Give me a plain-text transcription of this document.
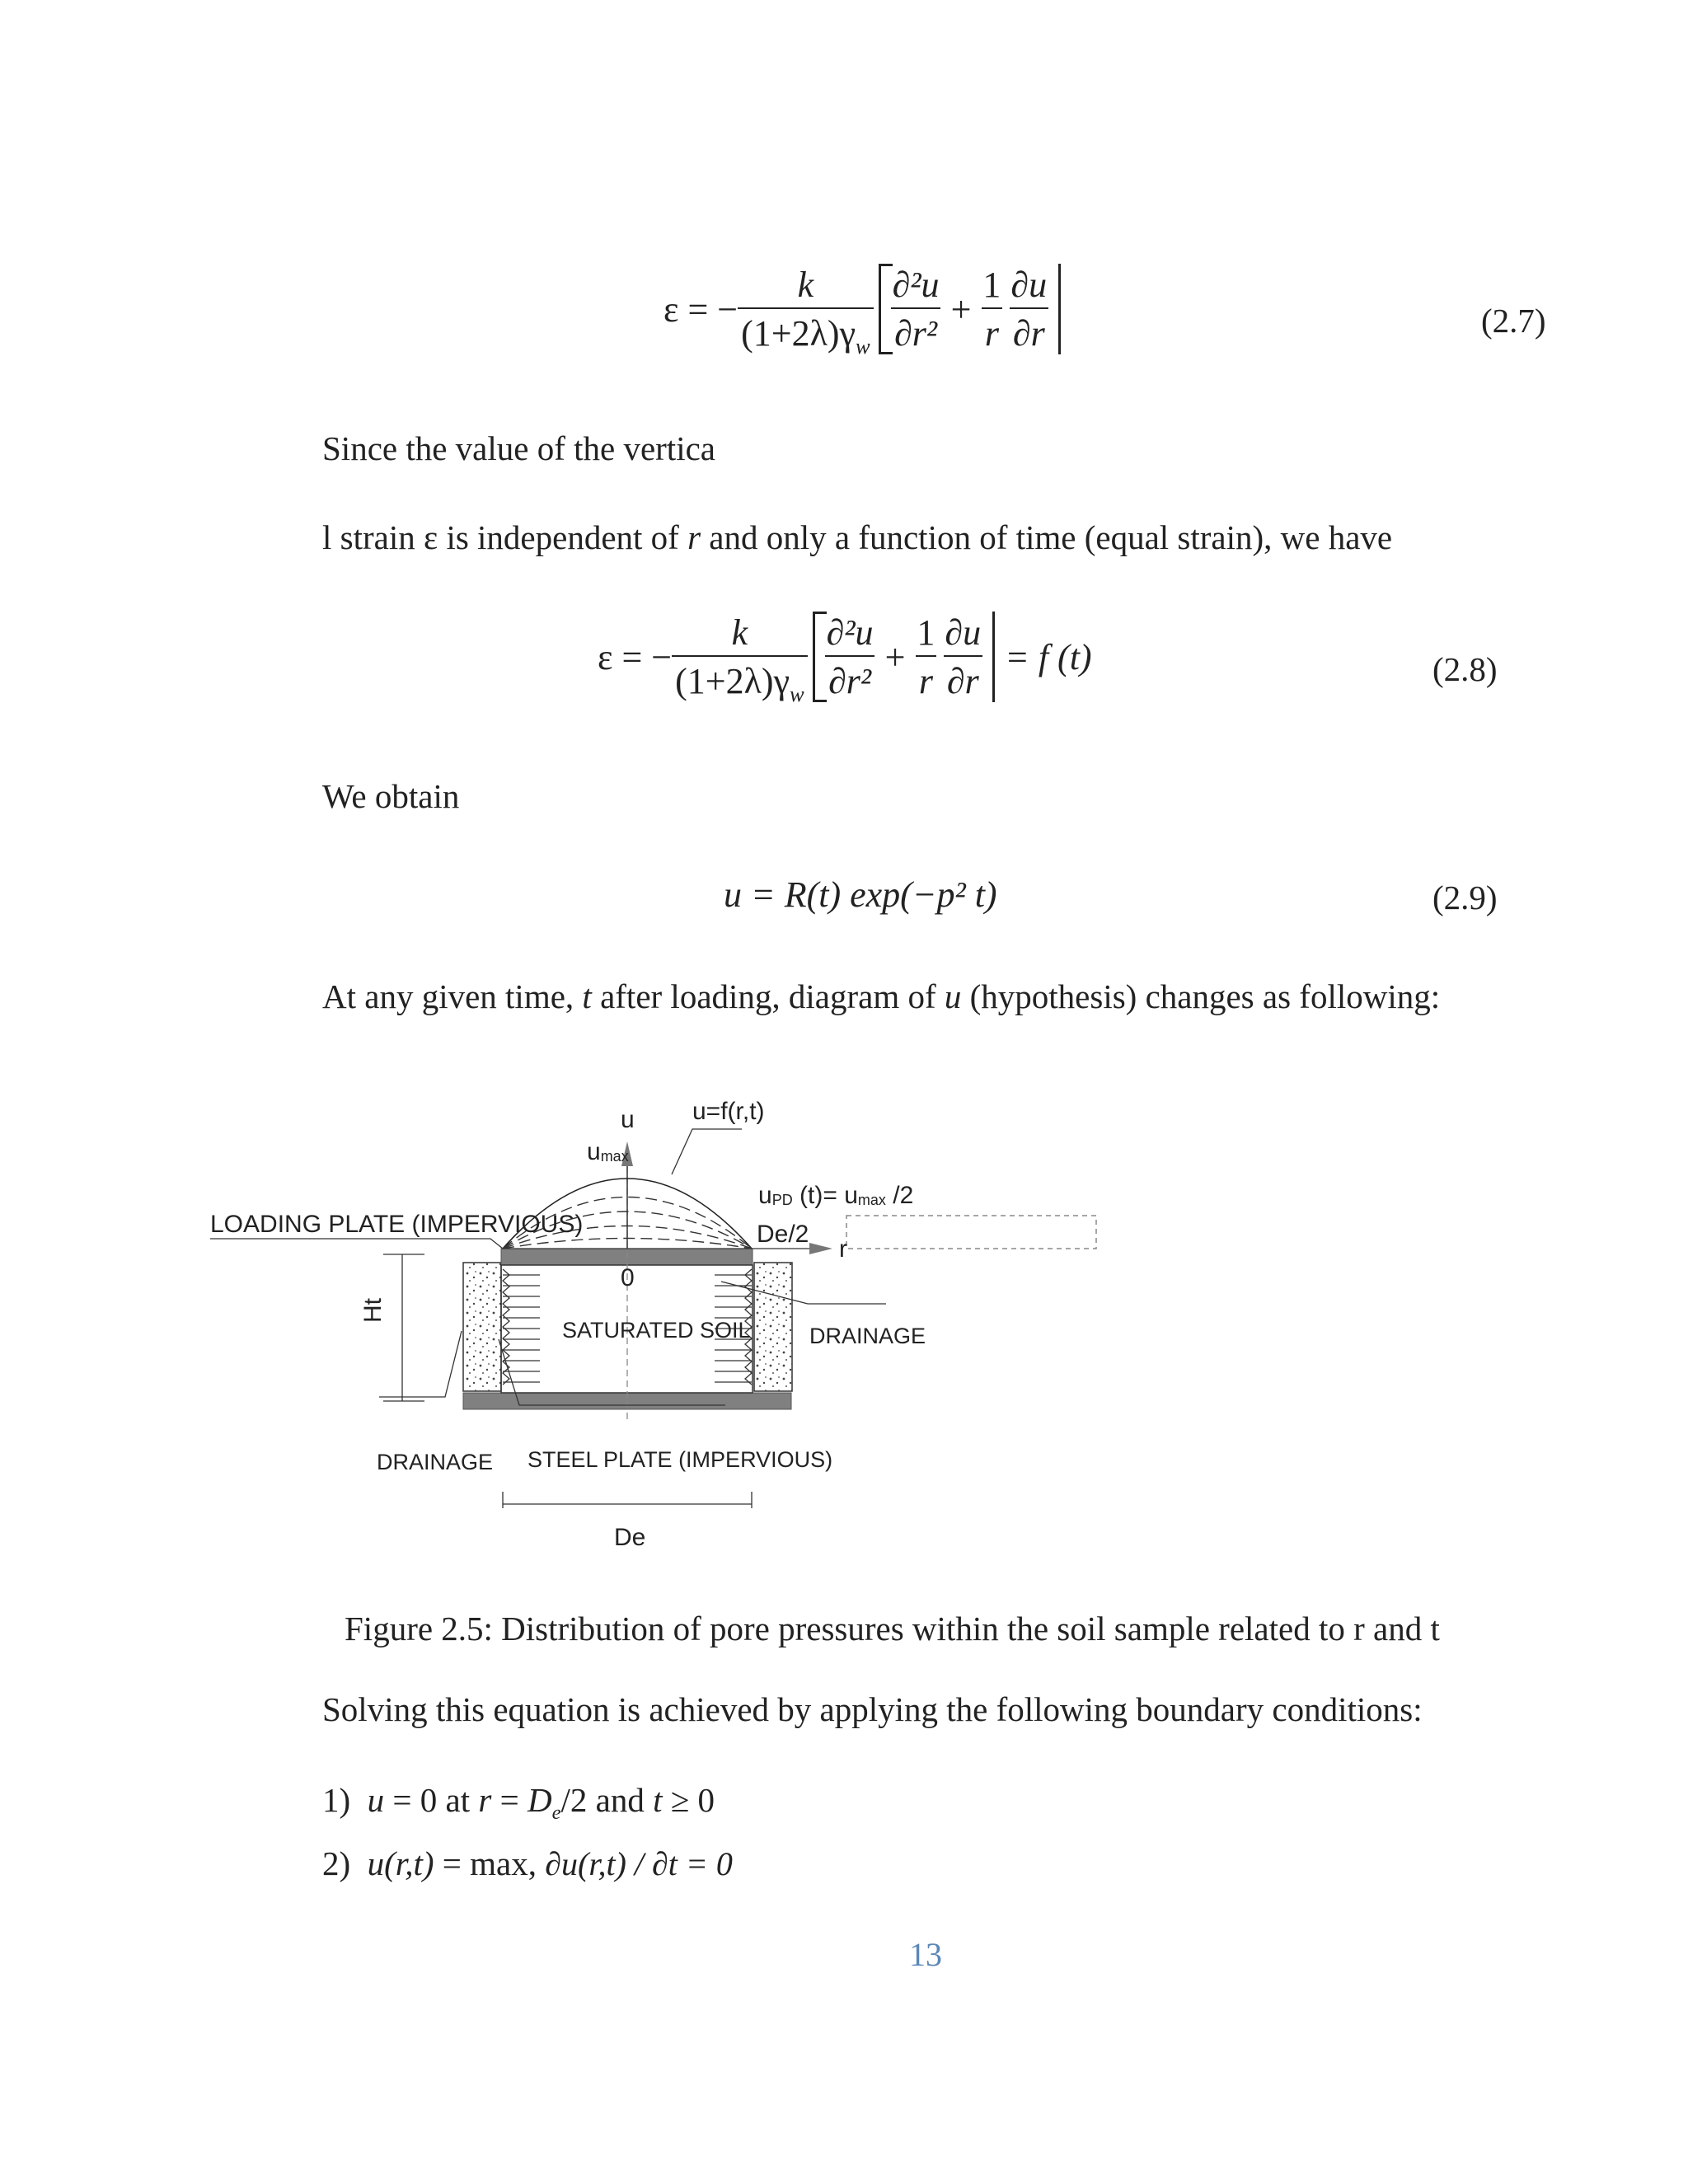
ε = − $\frac{k}{(1+2\lambda)\gamma_w} \frac{\text{∂²u}}{\text{∂r²}} + \frac{1}{r} \frac{\partial u}{\partial r}$	(2.7)
Since the value of the vertica
l strain ε is independent of r and only a function of time (equal strain), we have
ε = − $\frac{k}{(1+2\lambda)\gamma_w} \frac{\text{∂²u}}{\text{∂r²}} + \frac{1}{r} \frac{\partial u}{\partial r} = f$ (t)	(2.8)
We obtain
u = R(t) exp(−p² t)	(2.9)
At any given time, t after loading, diagram of u (hypothesis) changes as following:
u u=f(r,t)
umax
uPD (t)= umax /2
De/2
r
0
LOADING PLATE (IMPERVIOUS)
SATURATED SOIL	DRAINAGE
DRAINAGE STEEL PLATE (IMPERVIOUS)
Ht
De
Figure 2.5: Distribution of pore pressures within the soil sample related to r and t
Solving this equation is achieved by applying the following boundary conditions:
1) u = 0 at $r = D_e/2$ and t ≥ 0
2) u(r,t) = max, ∂u(r,t) / ∂t = 0
13
